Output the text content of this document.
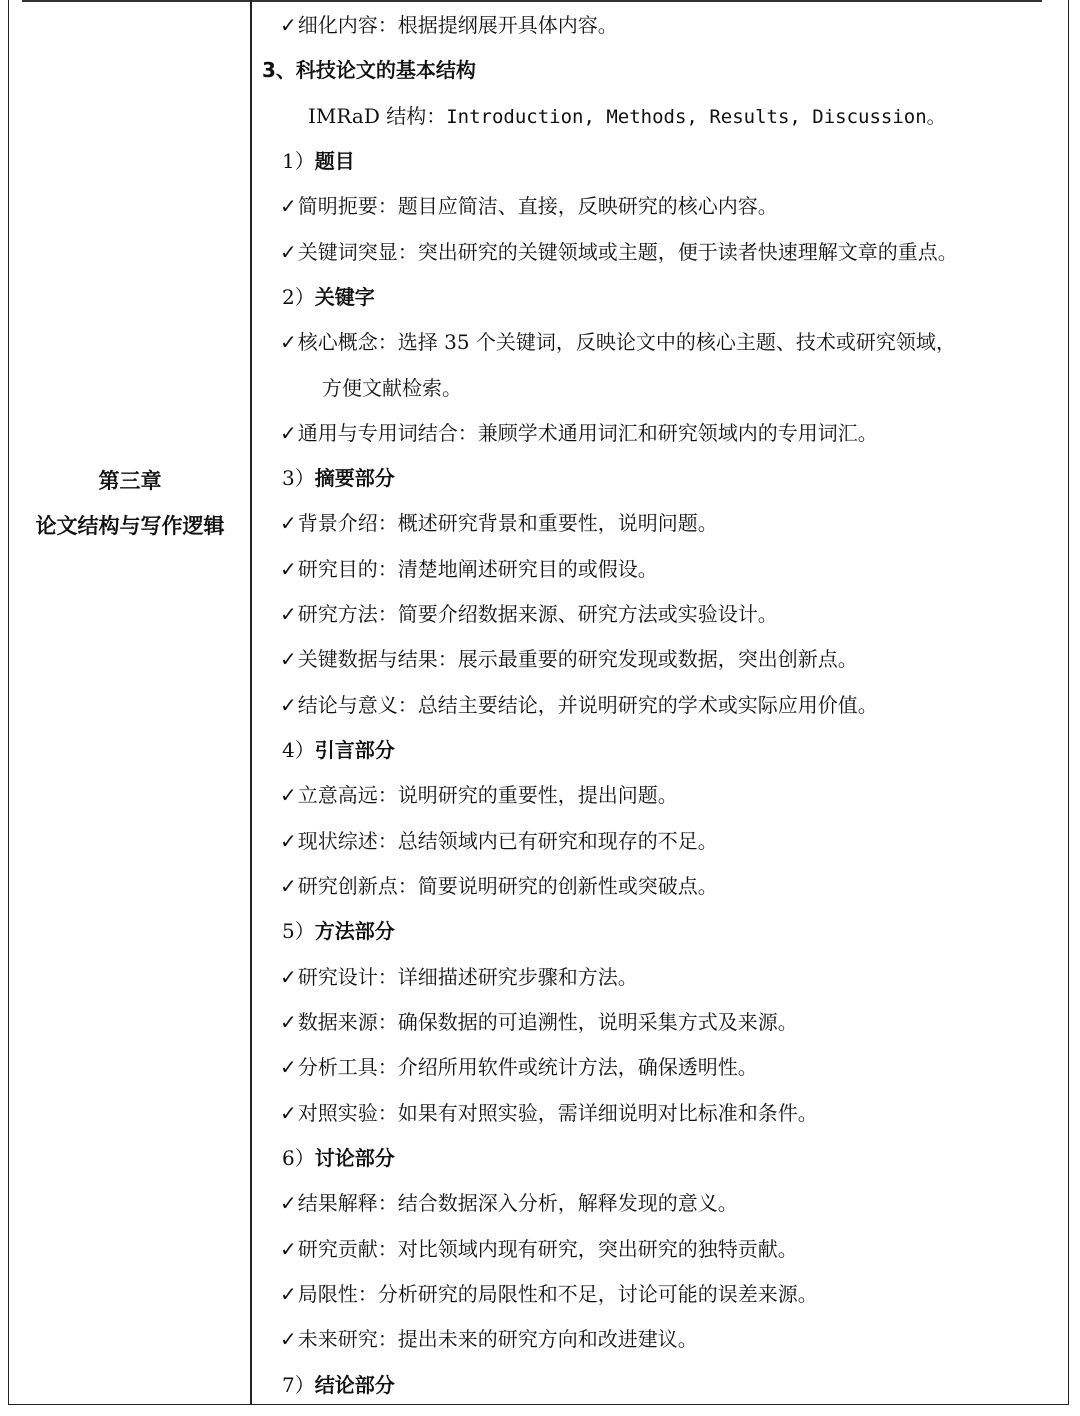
第三章
论文结构与写作逻辑
✓细化内容：根据提纲展开具体内容。
3、科技论文的基本结构
IMRaD 结构：Introduction, Methods, Results, Discussion。
1）题目
✓简明扼要：题目应简洁、直接，反映研究的核心内容。
✓关键词突显：突出研究的关键领域或主题，便于读者快速理解文章的重点。
2）关键字
✓核心概念：选择 35 个关键词，反映论文中的核心主题、技术或研究领域，
方便文献检索。
✓通用与专用词结合：兼顾学术通用词汇和研究领域内的专用词汇。
3）摘要部分
✓背景介绍：概述研究背景和重要性，说明问题。
✓研究目的：清楚地阐述研究目的或假设。
✓研究方法：简要介绍数据来源、研究方法或实验设计。
✓关键数据与结果：展示最重要的研究发现或数据，突出创新点。
✓结论与意义：总结主要结论，并说明研究的学术或实际应用价值。
4）引言部分
✓立意高远：说明研究的重要性，提出问题。
✓现状综述：总结领域内已有研究和现存的不足。
✓研究创新点：简要说明研究的创新性或突破点。
5）方法部分
✓研究设计：详细描述研究步骤和方法。
✓数据来源：确保数据的可追溯性，说明采集方式及来源。
✓分析工具：介绍所用软件或统计方法，确保透明性。
✓对照实验：如果有对照实验，需详细说明对比标准和条件。
6）讨论部分
✓结果解释：结合数据深入分析，解释发现的意义。
✓研究贡献：对比领域内现有研究，突出研究的独特贡献。
✓局限性：分析研究的局限性和不足，讨论可能的误差来源。
✓未来研究：提出未来的研究方向和改进建议。
7）结论部分
